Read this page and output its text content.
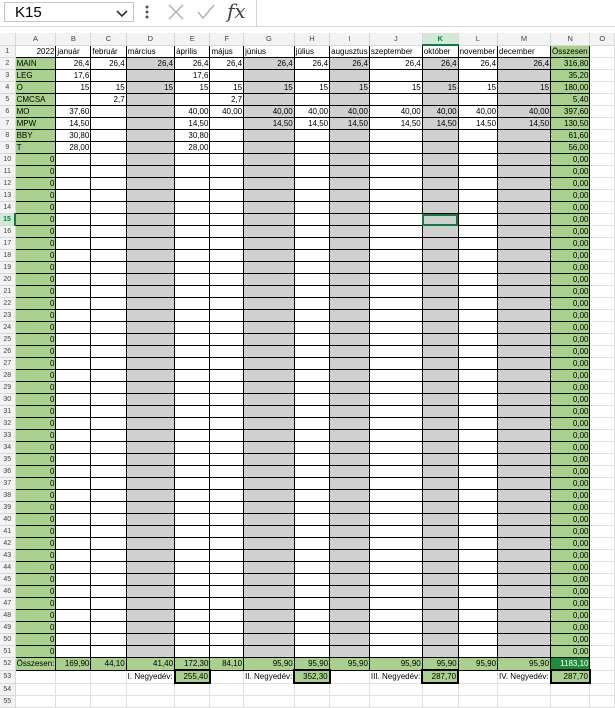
K15	fx
	A	B	C	D	E	F	G	H	I	J	K	L	M	N	O
1	2022	január	február	március	április	május	június	július	augusztus	szeptember	október	november	december	Összesen	
2	MAIN	26,4	26,4	26,4	26,4	26,4	26,4	26,4	26,4	26,4	26,4	26,4	26,4	316,80	
3	LEG	17,6			17,6									35,20	
4	O	15	15	15	15	15	15	15	15	15	15	15	15	180,00	
5	CMCSA		2,7			2,7								5,40	
6	MO	37,60			40,00	40,00	40,00	40,00	40,00	40,00	40,00	40,00	40,00	397,60	
7	MPW	14,50			14,50		14,50	14,50	14,50	14,50	14,50	14,50	14,50	130,50	
8	BBY	30,80			30,80									61,60	
9	T	28,00			28,00									56,00	
10	0													0,00	
11	0													0,00	
12	0													0,00	
13	0													0,00	
14	0													0,00	
15	0													0,00	
16	0													0,00	
17	0													0,00	
18	0													0,00	
19	0													0,00	
20	0													0,00	
21	0													0,00	
22	0													0,00	
23	0													0,00	
24	0													0,00	
25	0													0,00	
26	0													0,00	
27	0													0,00	
28	0													0,00	
29	0													0,00	
30	0													0,00	
31	0													0,00	
32	0													0,00	
33	0													0,00	
34	0													0,00	
35	0													0,00	
36	0													0,00	
37	0													0,00	
38	0													0,00	
39	0													0,00	
40	0													0,00	
41	0													0,00	
42	0													0,00	
43	0													0,00	
44	0													0,00	
45	0													0,00	
46	0													0,00	
47	0													0,00	
48	0													0,00	
49	0													0,00	
50	0													0,00	
51	0													0,00	
52	Összesen:	169,90	44,10	41,40	172,30	84,10	95,90	95,90	95,90	95,90	95,90	95,90	95,90	1183,10	
53				I. Negyedév:	255,40		II. Negyedév:	352,30		III. Negyedév:	287,70		IV. Negyedév:	287,70	
54															
55															
